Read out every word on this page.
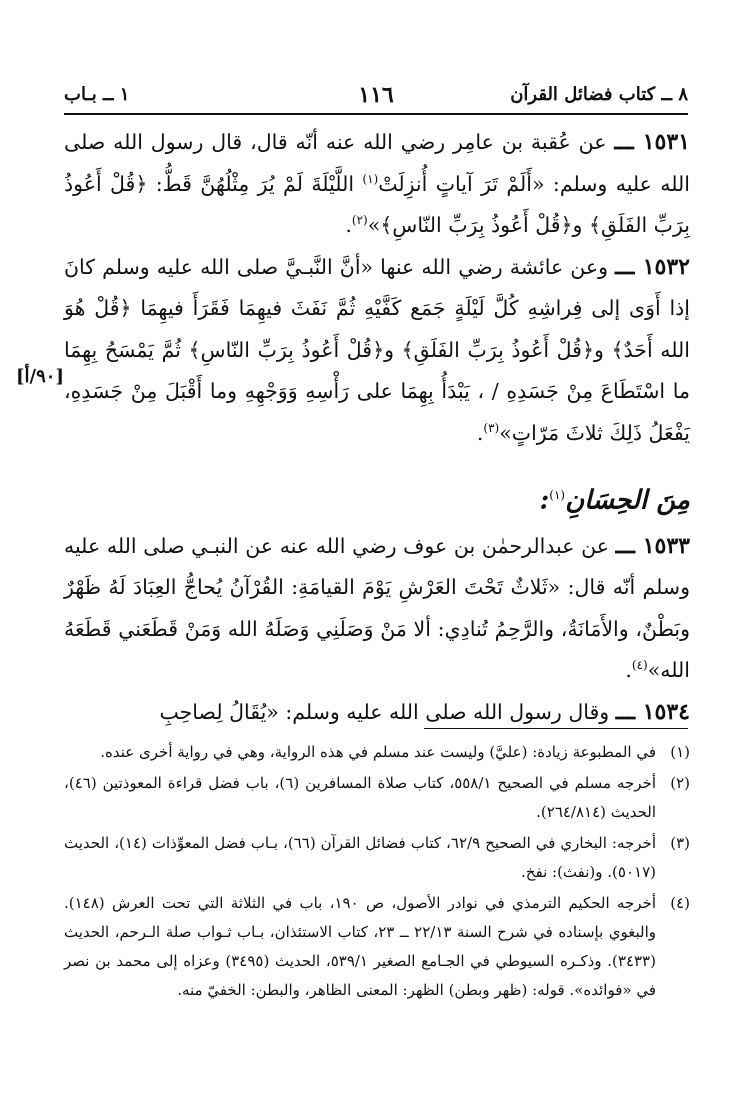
٨ ــ كتاب فضائل القرآن
١١٦
١ ــ بـاب

١٥٣١ ـــ عن عُقبة بن عامِر رضي الله عنه أنّه قال، قال رسول الله صلى الله عليه وسلم: «أَلَمْ تَرَ آياتٍ أُنزِلَتْ$^{(١)}$ اللَّيْلَةَ لَمْ يُرَ مِثْلُهُنَّ قَطُّ: ﴿قُلْ أَعُوذُ بِرَبِّ الفَلَقِ﴾ و﴿قُلْ أَعُوذُ بِرَبِّ النّاسِ﴾»$^{(٢)}$.

١٥٣٢ ـــ وعن عائشة رضي الله عنها «أنَّ النَّبـيَّ صلى الله عليه وسلم كانَ إذا أَوَى إلى فِراشِهِ كُلَّ لَيْلَةٍ جَمَع كَفَّيْهِ ثُمَّ نَفَثَ فيهِمَا فَقَرَأَ فيهِمَا ﴿قُلْ هُوَ الله أَحَدٌ﴾ و﴿قُلْ أَعُوذُ بِرَبِّ الفَلَقِ﴾ و﴿قُلْ أَعُوذُ بِرَبِّ النّاسِ﴾ ثُمَّ يَمْسَحُ بِهِمَا ما اسْتَطَاعَ مِنْ جَسَدِهِ / ، يَبْدَأُ بِهِمَا على رَأْسِهِ وَوَجْهِهِ وما أَقْبَلَ مِنْ جَسَدِهِ، يَفْعَلُ ذَلِكَ ثلاثَ مَرّاتٍ»$^{(٣)}$.

مِنَ الحِسَانِ$^{(١)}$:

١٥٣٣ ـــ عن عبدالرحمٰن بن عوف رضي الله عنه عن النبـي صلى الله عليه وسلم أنّه قال: «ثَلاثٌ تَحْتَ العَرْشِ يَوْمَ القيامَةِ: القُرْآنُ يُحاجُّ العِبَادَ لَهُ ظَهْرٌ وبَطْنٌ، والأَمَانَةُ، والرَّحِمُ تُنادِي: ألا مَنْ وَصَلَنِي وَصَلَهُ الله وَمَنْ قَطَعَني قَطَعَهُ الله»$^{(٤)}$.

١٥٣٤ ـــ وقال رسول الله صلى الله عليه وسلم: «يُقَالُ لِصاحِبِ

[٩٠/أ]
(١)
في المطبوعة زيادة: (عليَّ) وليست عند مسلم في هذه الرواية، وهي في رواية أخرى عنده.
(٢)
أخرجه مسلم في الصحيح ٥٥٨/١، كتاب صلاة المسافرين (٦)، باب فضل قراءة المعوذتين (٤٦)، الحديث (٢٦٤/٨١٤).
(٣)
أخرجه: البخاري في الصحيح ٦٢/٩، كتاب فضائل القرآن (٦٦)، بـاب فضل المعوِّذات (١٤)، الحديث (٥٠١٧). و(نفث): نفخ.
(٤)
أخرجه الحكيم الترمذي في نوادر الأصول، ص ١٩٠، باب في الثلاثة التي تحت العرش (١٤٨). والبغوي بإسناده في شرح السنة ٢٢/١٣ ــ ٢٣، كتاب الاستئذان، بـاب ثـواب صلة الـرحم، الحديث (٣٤٣٣). وذكـره السيوطي في الجـامع الصغير ٥٣٩/١، الحديث (٣٤٩٥) وعزاه إلى محمد بن نصر في «فوائده». قوله: (ظهر وبطن) الظهر: المعنى الظاهر، والبطن: الخفيّ منه.
